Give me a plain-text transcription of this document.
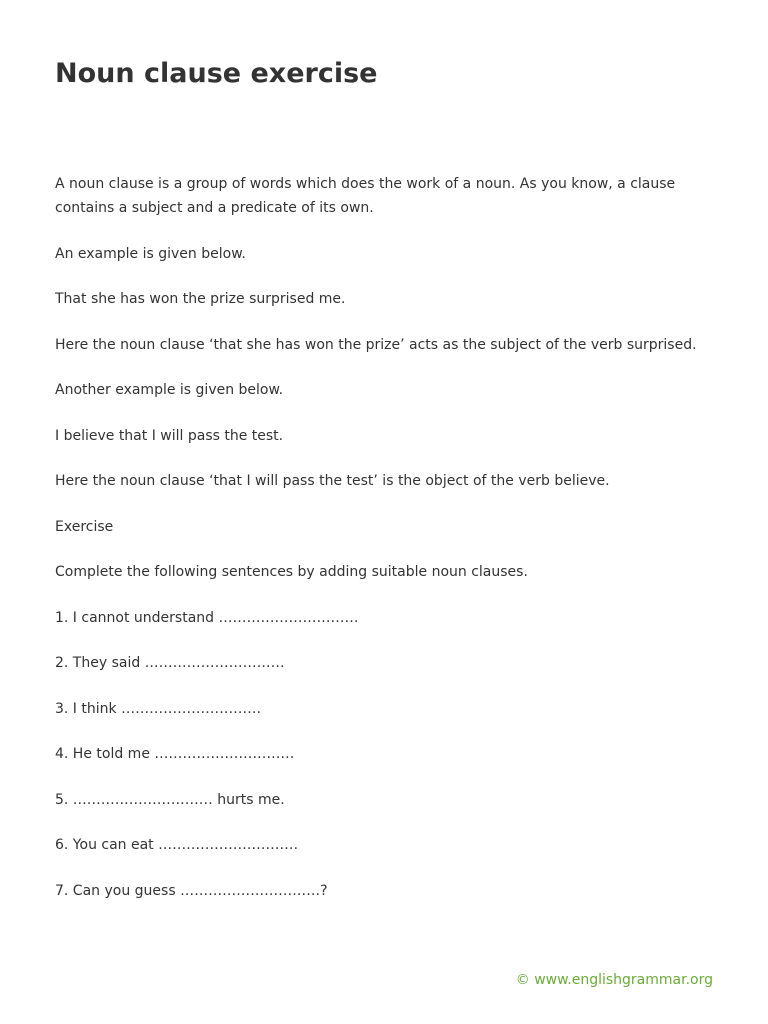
Noun clause exercise

A noun clause is a group of words which does the work of a noun. As you know, a clause contains a subject and a predicate of its own.

An example is given below.

That she has won the prize surprised me.

Here the noun clause ‘that she has won the prize’ acts as the subject of the verb surprised.

Another example is given below.

I believe that I will pass the test.

Here the noun clause ‘that I will pass the test’ is the object of the verb believe.

Exercise

Complete the following sentences by adding suitable noun clauses.

1. I cannot understand …………………………

2. They said …………………………

3. I think …………………………

4. He told me …………………………

5. ………………………… hurts me.

6. You can eat …………………………

7. Can you guess …………………………?

© www.englishgrammar.org
